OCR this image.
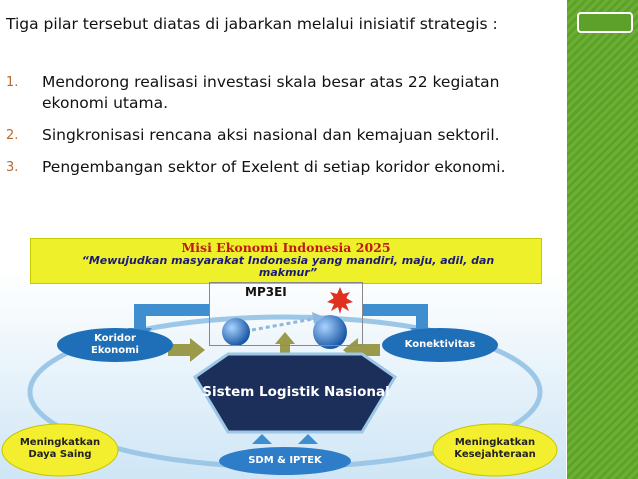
Tiga pilar tersebut diatas di jabarkan melalui inisiatif strategis :
1.	Mendorong realisasi investasi skala besar atas 22 kegiatan ekonomi utama.
2.	Singkronisasi rencana aksi nasional dan kemajuan sektoril.
3.	Pengembangan sektor of Exelent di setiap koridor ekonomi.
Misi Ekonomi Indonesia 2025
“Mewujudkan masyarakat Indonesia yang mandiri, maju, adil, dan makmur”
MP3EI
Koridor Ekonomi
Konektivitas
Sistem Logistik Nasional
Meningkatkan Daya Saing
Meningkatkan Kesejahteraan
SDM & IPTEK
